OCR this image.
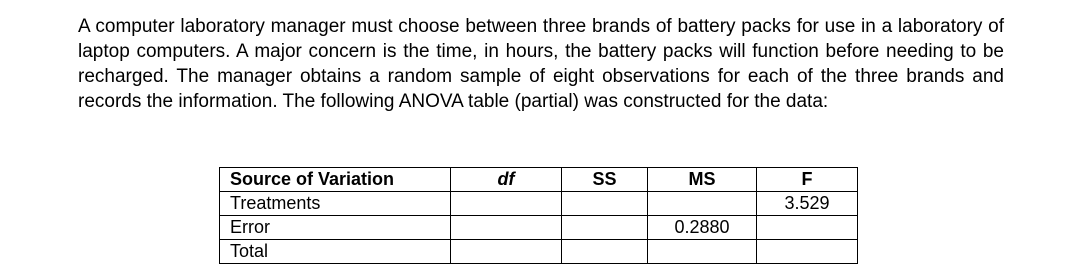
A computer laboratory manager must choose between three brands of battery packs for use in a laboratory of laptop computers. A major concern is the time, in hours, the battery packs will function before needing to be recharged. The manager obtains a random sample of eight observations for each of the three brands and records the information. The following ANOVA table (partial) was constructed for the data:

Source of Variation	df	SS	MS	F
Treatments				3.529
Error			0.2880	
Total				
